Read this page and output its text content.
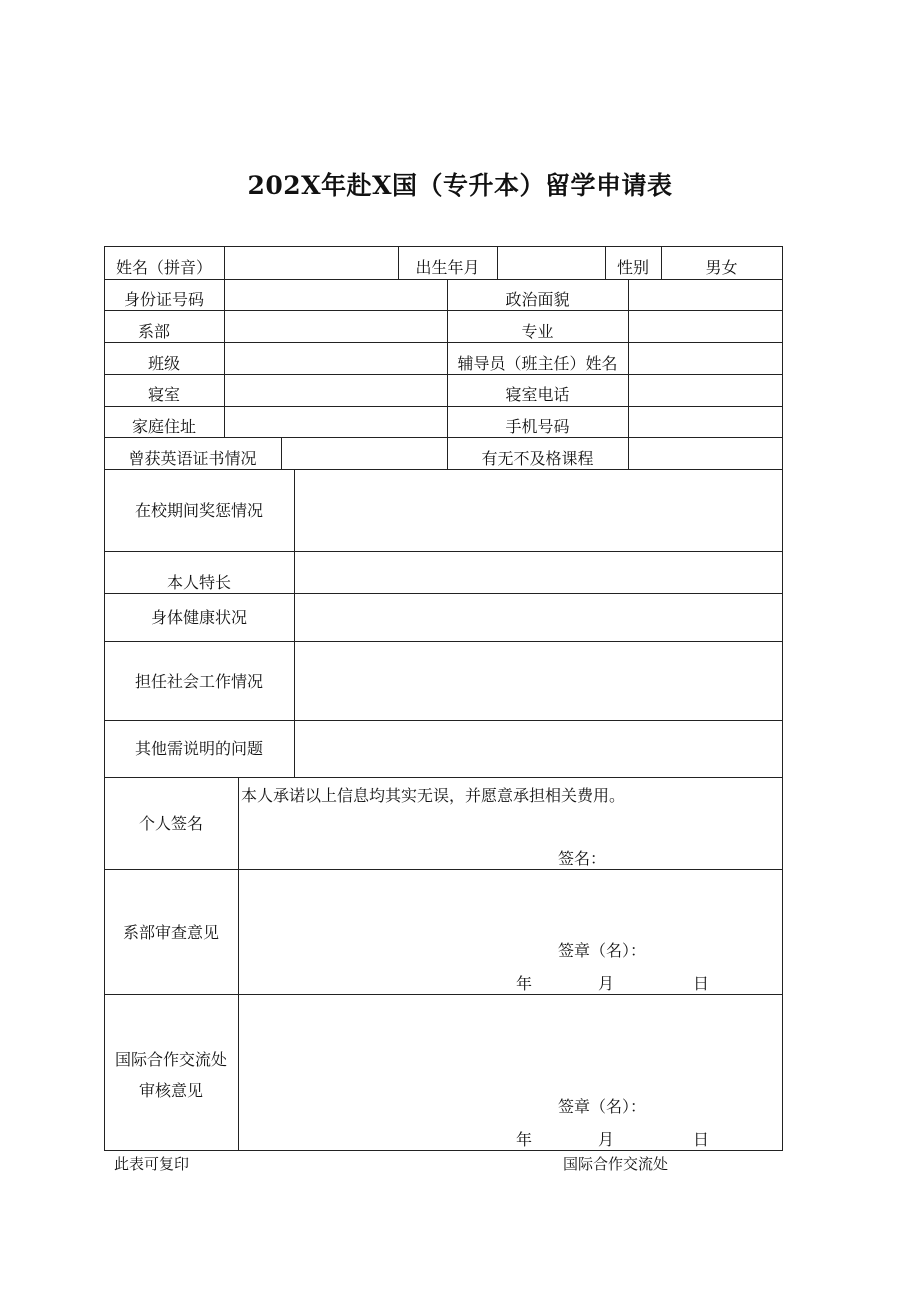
202X年赴X国（专升本）留学申请表
姓名（拼音）	出生年月	性别	男女
身份证号码	政治面貌
系部	专业
班级	辅导员（班主任）姓名
寝室	寝室电话
家庭住址	手机号码
曾获英语证书情况	有无不及格课程
在校期间奖惩情况
本人特长
身体健康状况
担任社会工作情况
其他需说明的问题
个人签名
本人承诺以上信息均其实无误，并愿意承担相关费用。
签名：
系部审查意见
签章（名）：
年	月	日
国际合作交流处
审核意见
签章（名）：
年	月	日
此表可复印	国际合作交流处
